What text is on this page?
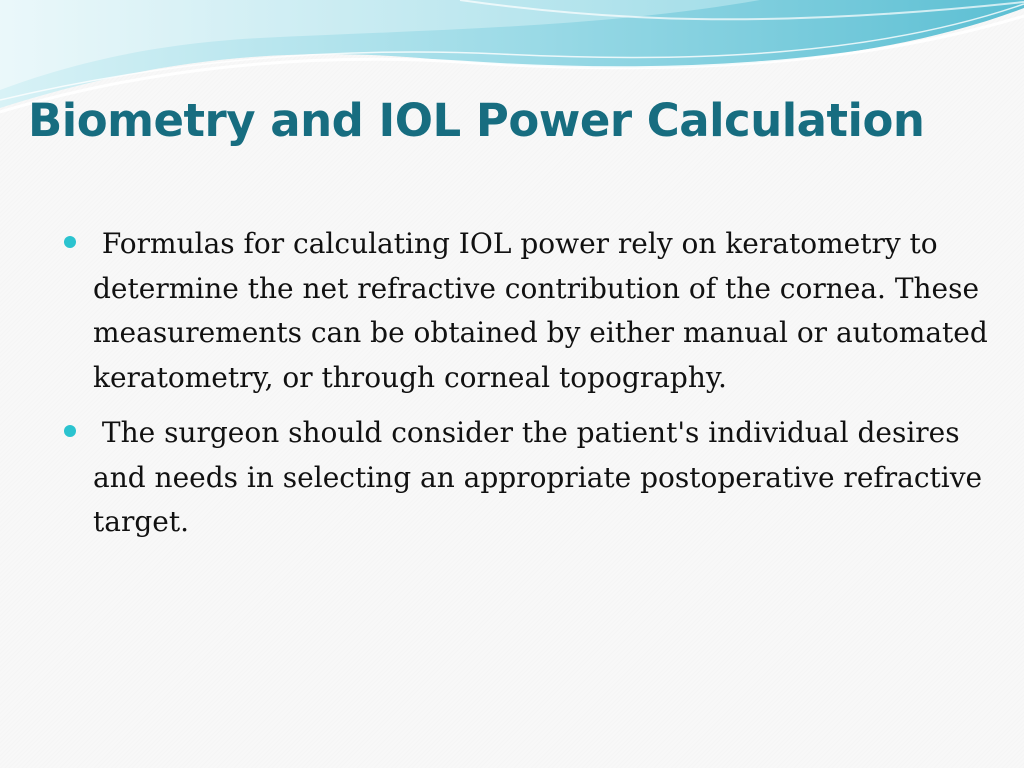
Biometry and IOL Power Calculation
Formulas for calculating IOL power rely on keratometry to determine the net refractive contribution of the cornea. These measurements can be obtained by either manual or automated keratometry, or through corneal topography.
The surgeon should consider the patient's individual desires and needs in selecting an appropriate postoperative refractive target.
